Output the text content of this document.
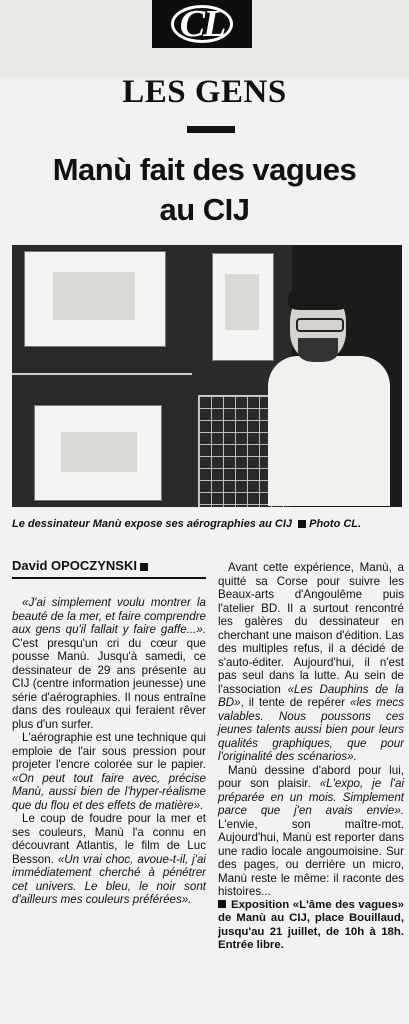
CL
LES GENS
Manù fait des vagues
au CIJ
Le dessinateur Manù expose ses aérographies au CIJ Photo CL.
David OPOCZYNSKI

«J'ai simplement voulu montrer la beauté de la mer, et faire comprendre aux gens qu'il fallait y faire gaffe...». C'est presqu'un cri du cœur que pousse Manù. Jusqu'à samedi, ce dessinateur de 29 ans présente au CIJ (centre information jeunesse) une série d'aérographies. Il nous entraîne dans des rouleaux qui feraient rêver plus d'un surfer.

L'aérographie est une technique qui emploie de l'air sous pression pour projeter l'encre colorée sur le papier. «On peut tout faire avec, précise Manù, aussi bien de l'hyper-réalisme que du flou et des effets de matière».

Le coup de foudre pour la mer et ses couleurs, Manù l'a connu en découvrant Atlantis, le film de Luc Besson. «Un vrai choc, avoue-t-il, j'ai immédiatement cherché à pénétrer cet univers. Le bleu, le noir sont d'ailleurs mes couleurs préférées».

Avant cette expérience, Manù, a quitté sa Corse pour suivre les Beaux-arts d'Angoulême puis l'atelier BD. Il a surtout rencontré les galères du dessinateur en cherchant une maison d'édition. Las des multiples refus, il a décidé de s'auto-éditer. Aujourd'hui, il n'est pas seul dans la lutte. Au sein de l'association «Les Dauphins de la BD», il tente de repérer «les mecs valables. Nous poussons ces jeunes talents aussi bien pour leurs qualités graphiques, que pour l'originalité des scénarios».

Manù dessine d'abord pour lui, pour son plaisir. «L'expo, je l'ai préparée en un mois. Simplement parce que j'en avais envie». L'envie, son maître-mot. Aujourd'hui, Manù est reporter dans une radio locale angoumoisine. Sur des pages, ou derrière un micro, Manù reste le même: il raconte des histoires...

Exposition «L'âme des vagues» de Manù au CIJ, place Bouillaud, jusqu'au 21 juillet, de 10h à 18h. Entrée libre.
